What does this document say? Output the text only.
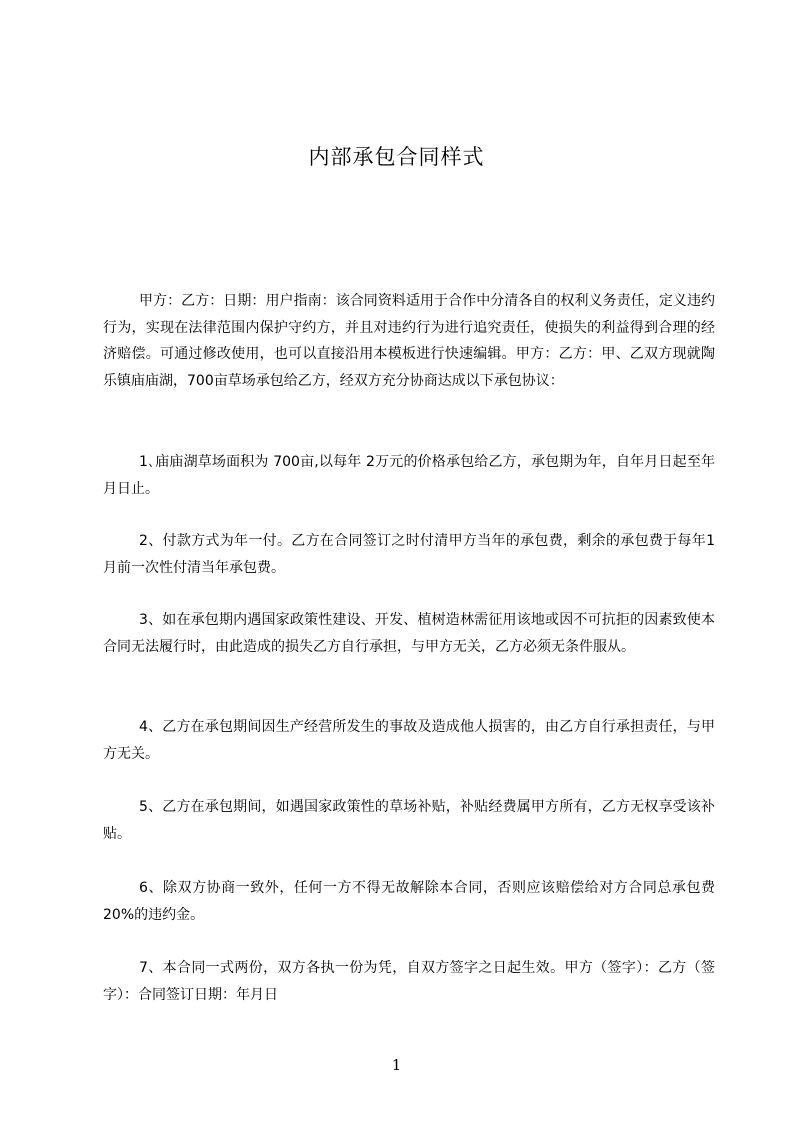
内部承包合同样式

甲方：乙方：日期：用户指南：该合同资料适用于合作中分清各自的权利义务责任，定义违约行为，实现在法律范围内保护守约方，并且对违约行为进行追究责任，使损失的利益得到合理的经济赔偿。可通过修改使用，也可以直接沿用本模板进行快速编辑。甲方：乙方：甲、乙双方现就陶乐镇庙庙湖，700亩草场承包给乙方，经双方充分协商达成以下承包协议：

1､庙庙湖草场面积为 700亩,以每年 2万元的价格承包给乙方，承包期为年，自年月日起至年月日止。

2、付款方式为年一付。乙方在合同签订之时付清甲方当年的承包费，剩余的承包费于每年1月前一次性付清当年承包费。

3、如在承包期内遇国家政策性建设、开发、植树造林需征用该地或因不可抗拒的因素致使本合同无法履行时，由此造成的损失乙方自行承担，与甲方无关，乙方必须无条件服从。

4、乙方在承包期间因生产经营所发生的事故及造成他人损害的，由乙方自行承担责任，与甲方无关。

5、乙方在承包期间，如遇国家政策性的草场补贴，补贴经费属甲方所有，乙方无权享受该补贴。

6、除双方协商一致外，任何一方不得无故解除本合同，否则应该赔偿给对方合同总承包费20%的违约金。

7、本合同一式两份，双方各执一份为凭，自双方签字之日起生效。甲方（签字）：乙方（签字）：合同签订日期：年月日

1
